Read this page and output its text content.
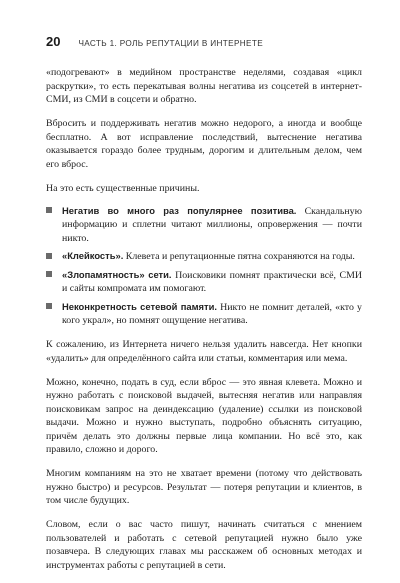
20 ЧАСТЬ 1. РОЛЬ РЕПУТАЦИИ В ИНТЕРНЕТЕ

«подогревают» в медийном пространстве неделями, создавая «цикл раскрутки», то есть перекатывая волны негатива из соцсетей в интернет-СМИ, из СМИ в соцсети и обратно.

Вбросить и поддерживать негатив можно недорого, а иногда и вообще бесплатно. А вот исправление последствий, вытеснение негатива оказывается гораздо более трудным, дорогим и длительным делом, чем его вброс.

На это есть существенные причины.

Негатив во много раз популярнее позитива. Скандальную информацию и сплетни читают миллионы, опровержения — почти никто.
«Клейкость». Клевета и репутационные пятна сохраняются на годы.
«Злопамятность» сети. Поисковики помнят практически всё, СМИ и сайты компромата им помогают.
Неконкретность сетевой памяти. Никто не помнит деталей, «кто у кого украл», но помнят ощущение негатива.

К сожалению, из Интернета ничего нельзя удалить навсегда. Нет кнопки «удалить» для определённого сайта или статьи, комментария или мема.

Можно, конечно, подать в суд, если вброс — это явная клевета. Можно и нужно работать с поисковой выдачей, вытесняя негатив или направляя поисковикам запрос на деиндексацию (удаление) ссылки из поисковой выдачи. Можно и нужно выступать, подробно объяснять ситуацию, причём делать это должны первые лица компании. Но всё это, как правило, сложно и дорого.

Многим компаниям на это не хватает времени (потому что действовать нужно быстро) и ресурсов. Результат — потеря репутации и клиентов, в том числе будущих.

Словом, если о вас часто пишут, начинать считаться с мнением пользователей и работать с сетевой репутацией нужно было уже позавчера. В следующих главах мы расскажем об основных методах и инструментах работы с репутацией в сети.
